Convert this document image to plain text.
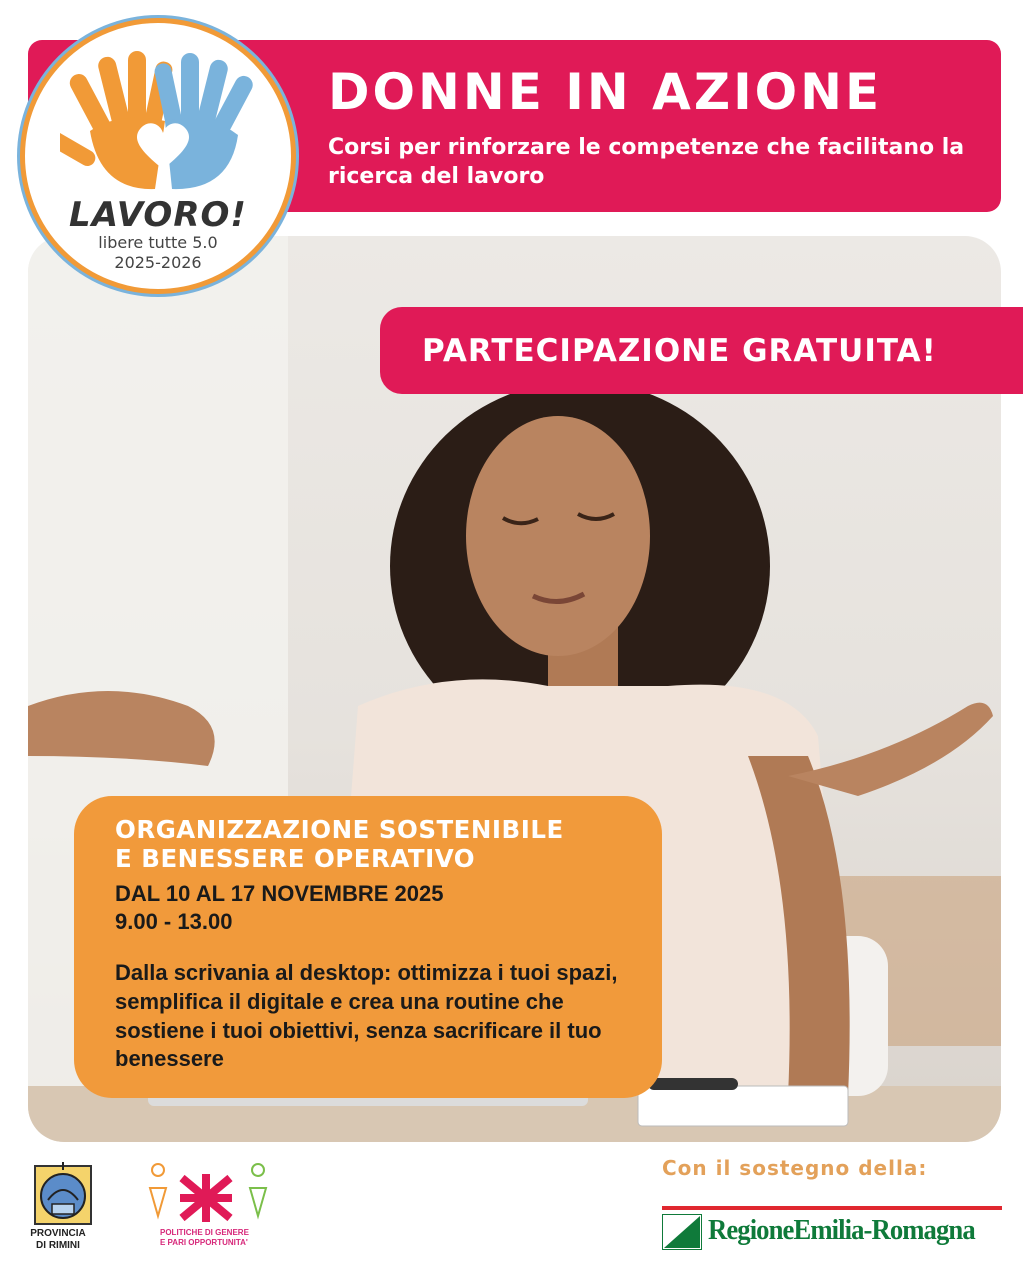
DONNE IN AZIONE

Corsi per rinforzare le competenze che facilitano la ricerca del lavoro

LAVORO!
libere tutte 5.0
2025-2026
PARTECIPAZIONE GRATUITA!
ORGANIZZAZIONE SOSTENIBILE
E BENESSERE OPERATIVO

DAL 10 AL 17 NOVEMBRE 2025
9.00 - 13.00

Dalla scrivania al desktop: ottimizza i tuoi spazi, semplifica il digitale e crea una routine che sostiene i tuoi obiettivi, senza sacrificare il tuo benessere

PROVINCIA
DI RIMINI
POLITICHE DI GENERE
E PARI OPPORTUNITA'

Con il sostegno della:

RegioneEmilia-Romagna
